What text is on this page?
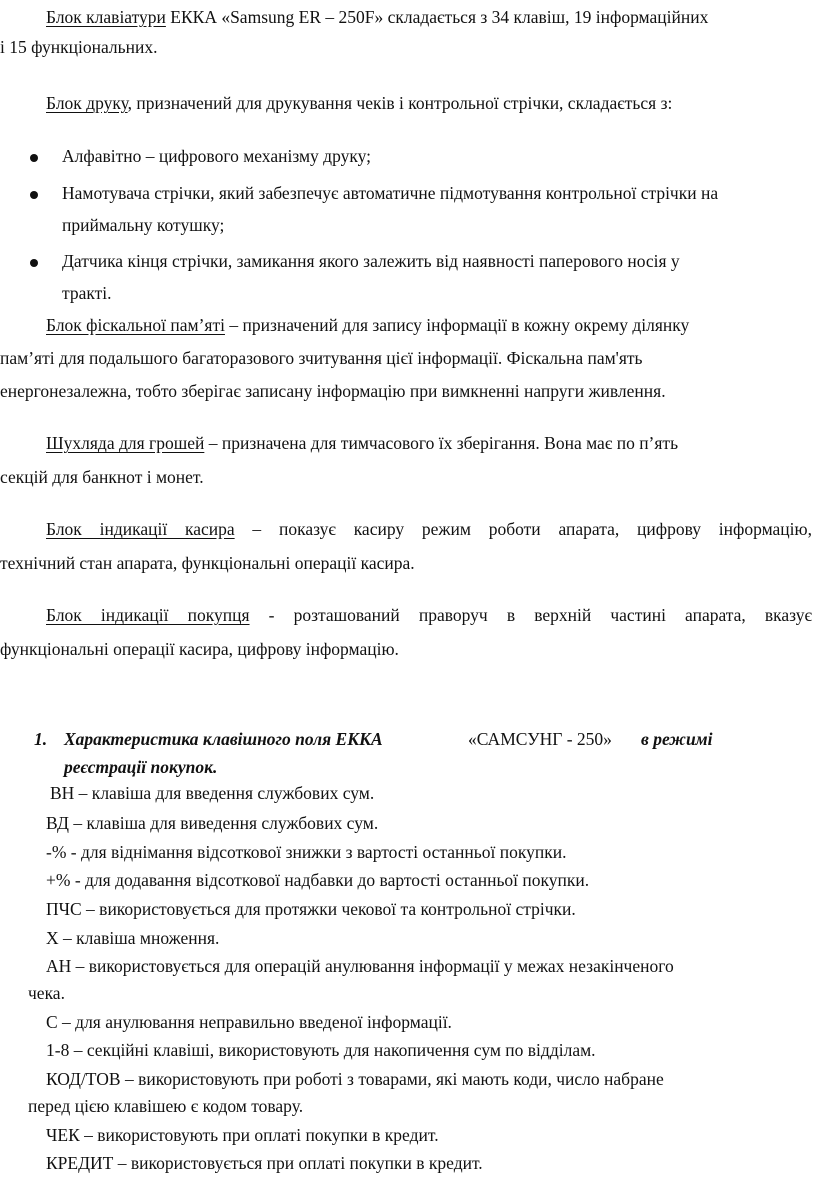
Блок клавіатури ЕККА «Samsung ER – 250F» складається з 34 клавіш, 19 інформаційних
і 15 функціональних.
Блок друку, призначений для друкування чеків і контрольної стрічки, складається з:
Алфавітно – цифрового механізму друку;
Намотувача стрічки, який забезпечує автоматичне підмотування контрольної стрічки на
приймальну котушку;
Датчика кінця стрічки, замикання якого залежить від наявності паперового носія у
тракті.
Блок фіскальної пам’яті – призначений для запису інформації в кожну окрему ділянку
пам’яті для подальшого багаторазового зчитування цієї інформації. Фіскальна пам'ять
енергонезалежна, тобто зберігає записану інформацію при вимкненні напруги живлення.
Шухляда для грошей – призначена для тимчасового їх зберігання. Вона має по п’ять
секцій для банкнот і монет.
Блок індикації касира – показує касиру режим роботи апарата, цифрову інформацію,
технічний стан апарата, функціональні операції касира.
Блок індикації покупця - розташований праворуч в верхній частині апарата, вказує
функціональні операції касира, цифрову інформацію.
1. Характеристика клавішного поля ЕККА	«САМСУНГ - 250» в режимі
реєстрації покупок.
ВН – клавіша для введення службових сум.
ВД – клавіша для виведення службових сум.
-% - для віднімання відсоткової знижки з вартості останньої покупки.
+% - для додавання відсоткової надбавки до вартості останньої покупки.
ПЧС – використовується для протяжки чекової та контрольної стрічки.
Х – клавіша множення.
АН – використовується для операцій анулювання інформації у межах незакінченого
чека.
С – для анулювання неправильно введеної інформації.
1-8 – секційні клавіші, використовують для накопичення сум по відділам.
КОД/ТОВ – використовують при роботі з товарами, які мають коди, число набране
перед цією клавішею є кодом товару.
ЧЕК – використовують при оплаті покупки в кредит.
КРЕДИТ – використовується при оплаті покупки в кредит.
